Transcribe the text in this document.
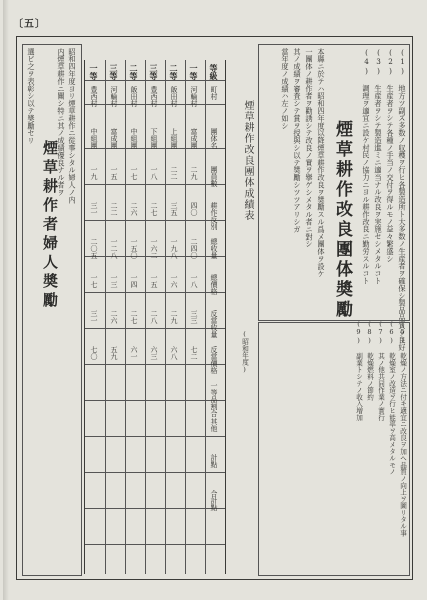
〔五〕
(1) 地方ツ副ズ多数ノ収穫ヲ行ヒ各製造所ト大多数ノ生産者ヲ確保シ製品品質ヲ良好
(2) 生産者ヲシテ各種ノ手当ノ交付ヲ得ルモノ益々繁盛シ
(3) 生産者ヲシテ製造進ミニ適当ナル改良ヲ実施セシメタルコト
(4) 調理ヲ適宜ニ設ケ村民ノ協力ニヨル耕作改良ニ勤労スルコト
煙草耕作改良團体奬勵
本縣ニ於テハ昭和四年度以降煙草耕作改良ヲ奬勵スル爲メ團体ヲ設ケ
一團体ノ耕作者ヲ勸誘シテ改良ノ實ヲ擧ゲシメタル者ニ對シ
其ノ成績ヲ審査シテ賞ヲ授與シ以テ奬勵シツツアリシガ
當年度ノ成績ハ左ノ如シ
(5) 乾燥ノ方法ニ付キ適宜ニ改良ヲ加ヘ品質ノ向上ヲ圖リタル事
(6) 乾燥室ノ改造ヲ行ヒ能率ヲ高メタルモノ
(7) 其ノ他共同作業ノ實行
(8) 乾燥燃料ノ節約
(9) 副業トシテノ收入増加
煙草耕作改良團体成績表
(昭和年度)
等級
町村
團体名
團員數
耕作反別
總收量
總價格
反當收量
反當價格
一等品割合
其他
計點
合計點
一等
河輪村
富成團
二九
四〇
二四〇
一八
三三
七二
二等
飯田村
上組團
二二
三五
一九八
一六
二九
六八
三等
豊西村
下組團
一八
二七
一六二
一五
二八
六三
二等
飯田村
中組團
一七
二六
一五〇
一四
二七
六一
三等
河輪村
富成團
一五
二二
一二八
一三
二六
五九
一等
豊西村
中組團
一九
三一
二〇五
一七
三一
七〇
昭和四年度ヨリ煙草耕作ニ從事シタル婦人ノ内
内煙草耕作ニ關シ特ニ其ノ成績優良ナル者ヲ
煙草耕作者婦人奬勵
選ビ之ヲ表彰シ以テ奬勵セリ
